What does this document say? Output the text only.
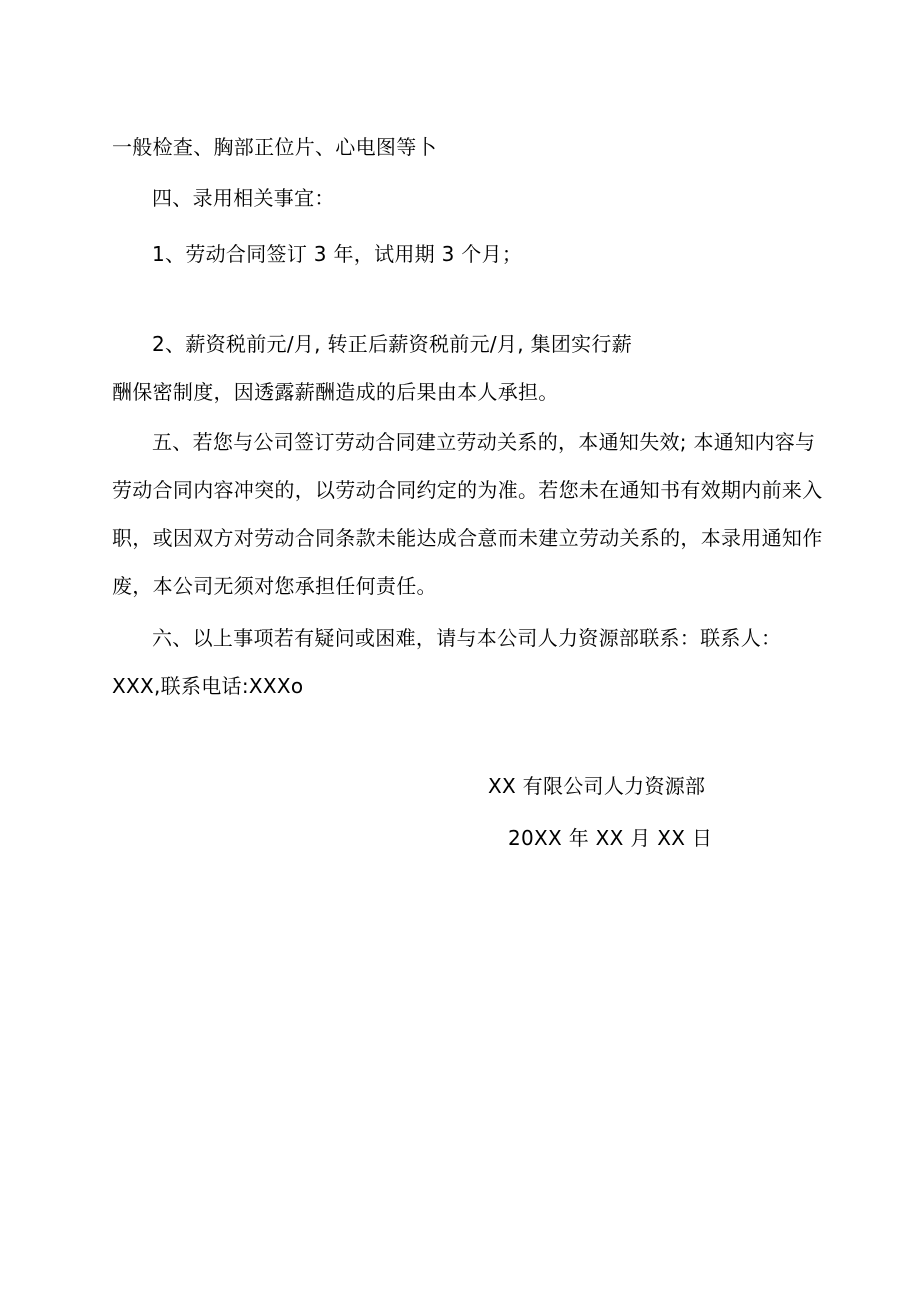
一般检查、胸部正位片、心电图等卜
四、录用相关事宜：
1、劳动合同签订 3 年，试用期 3 个月；
2、薪资税前元/月, 转正后薪资税前元/月, 集团实行薪
酬保密制度，因透露薪酬造成的后果由本人承担。
五、若您与公司签订劳动合同建立劳动关系的，本通知失效; 本通知内容与
劳动合同内容冲突的，以劳动合同约定的为准。若您未在通知书有效期内前来入
职，或因双方对劳动合同条款未能达成合意而未建立劳动关系的，本录用通知作
废，本公司无须对您承担任何责任。
六、以上事项若有疑问或困难，请与本公司人力资源部联系：联系人：
XXX,联系电话:XXXo
XX 有限公司人力资源部
20XX 年 XX 月 XX 日
